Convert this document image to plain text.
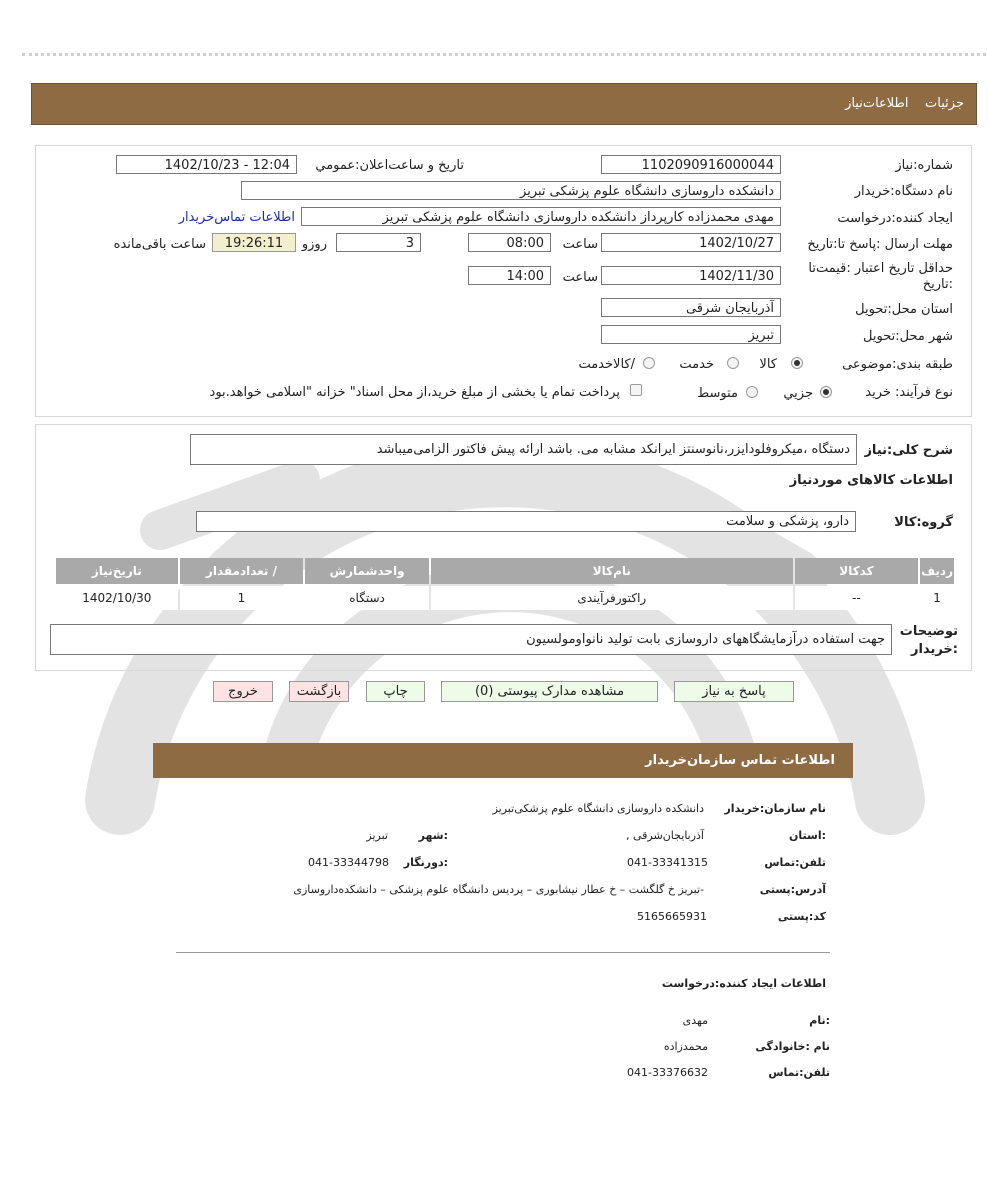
جزئیات    اطلاعات‌نیاز
شماره:نیاز
1102090916000044
تاریخ و ساعت‌اعلان:عمومي
1402/10/23 - 12:04
نام دستگاه:خریدار
دانشکده داروسازی دانشگاه علوم پزشکی تبریز
ایجاد کننده:درخواست
مهدی محمدزاده کارپرداز دانشکده داروسازی دانشگاه علوم پزشکی تبریز
اطلاعات تماس‌خریدار
مهلت ارسال :پاسخ تا:تاریخ
1402/10/27
ساعت
08:00
3
روزو
19:26:11
ساعت باقی‌مانده
حداقل تاریخ اعتبار :قیمت‌تا
:تاریخ
1402/11/30
ساعت
14:00
استان محل:تحویل
آذربایجان شرقی
شهر محل:تحویل
تبریز
طبقه بندی:موضوعی
کالا
خدمت
/کالاخدمت
نوع فرآیند: خرید
جزيي
متوسط
پرداخت تمام یا بخشی از مبلغ خرید،از محل اسناد" خزانه "اسلامی خواهد.بود
شرح کلی:نیاز
دستگاه ،میکروفلودایزر،نانوسنتز ایرانکد مشابه می. باشد ارائه پیش فاکتور الزامی‌میباشد
اطلاعات کالاهای موردنیاز
گروه:کالا
دارو، پزشکی و سلامت
ردیف	کدکالا	نام‌کالا	واحدشمارش	/ تعدادمقدار	تاریخ‌نیاز
1	--	راکتورفرآیندی	دستگاه	1	1402/10/30
توضیحات
:خریدار
جهت استفاده درآزمایشگاههای داروسازی بابت تولید نانواومولسیون
پاسخ به نیاز
مشاهده مدارک پیوستی (0)
چاپ
بازگشت
خروج
اطلاعات تماس سازمان‌خریدار
نام سازمان:خریدار
دانشکده داروسازی دانشگاه علوم پزشکی‌تبریز
:استان
آذربایجان‌شرقی ,
:شهر
تبریز
تلفن:تماس
041-33341315
:دورنگار
041-33344798
آدرس:پستی
-تبریز خ گلگشت – خ عطار نیشابوری – پردیس دانشگاه علوم پزشکی – دانشکده‌داروسازی
کد:پستی
5165665931
اطلاعات ایجاد کننده:درخواست
:نام
مهدی
نام :خانوادگی
محمدزاده
تلفن:تماس
041-33376632
